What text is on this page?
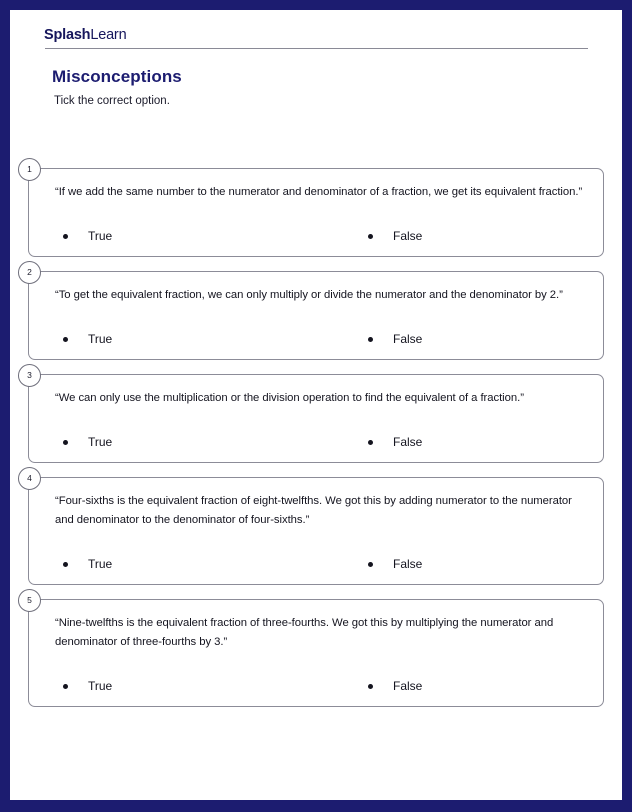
SplashLearn
Misconceptions

Tick the correct option.

1

“If we add the same number to the numerator and denominator of a fraction, we get its equivalent fraction.”

True	False
2

“To get the equivalent fraction, we can only multiply or divide the numerator and the denominator by 2.”

True	False
3

“We can only use the multiplication or the division operation to find the equivalent of a fraction.”

True	False
4

“Four-sixths is the equivalent fraction of eight-twelfths. We got this by adding numerator to the numerator and denominator to the denominator of four-sixths.”

True	False
5

“Nine-twelfths is the equivalent fraction of three-fourths. We got this by multiplying the numerator and denominator of three-fourths by 3.”

True	False
